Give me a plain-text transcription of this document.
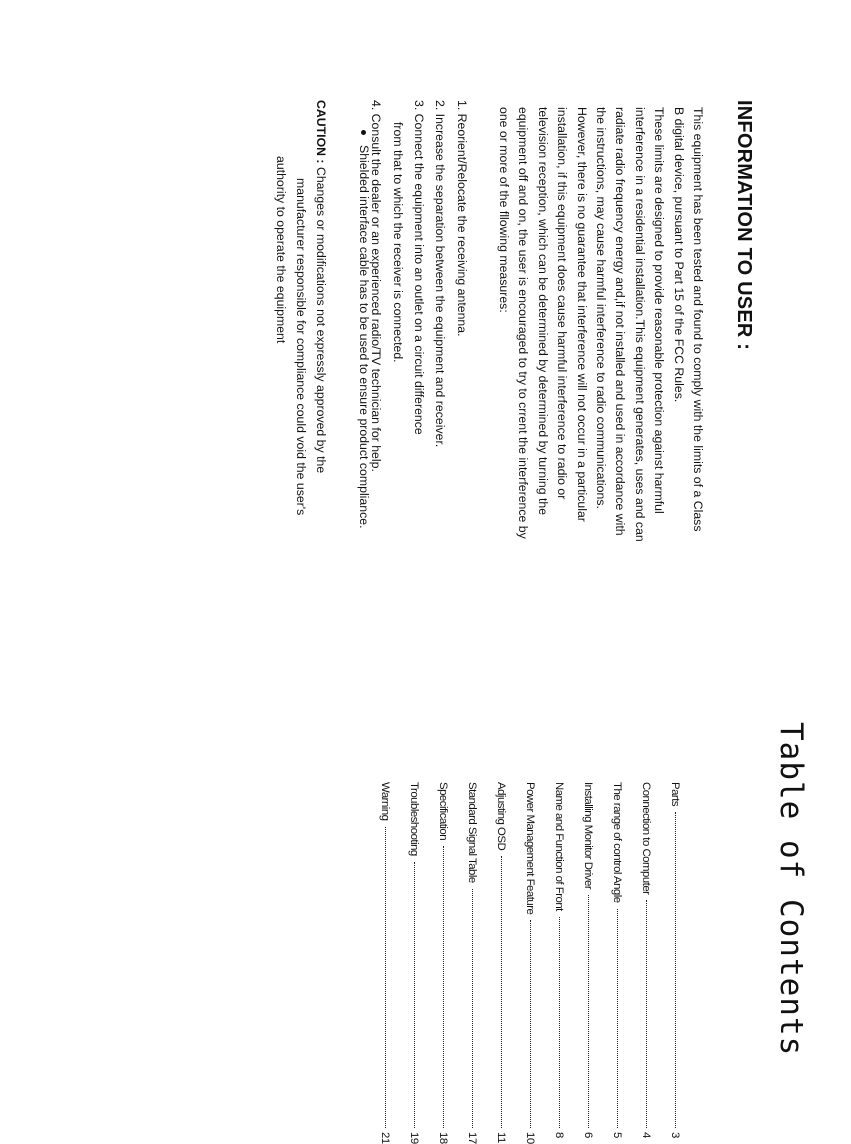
INFORMATION TO USER :
This equipment has been tested and found to comply with the limits of a Class
B digital device, pursuant to Part 15 of the FCC Rules.
These limits are designed to provide reasonable protection against harmful
interference in a residential installation.This equipment generates, uses and can
radiate radio frequency energy and,if not installed and used in accordance with
the instructions, may cause harmful interference to radio communications.
However, there is no guarantee that interference will not occur in a particular
installation, if this equipment does cause harmful interference to radio or
television reception, which can be determined by determined by turning the
equipment off and on, the user is encouraged to try to crrent the interference by
one or more of the fllowing measures:
1. Reorient/Relocate the receiving antenna.
2. Increase the separation between the equipment and receiver.
3. Connect the equipment into an outlet on a circuit difference
from that to which the receiver is connected.
4. Consult the dealer or an experienced radio/TV technician for help.
Shielded interface cable has to be used to ensure product compliance.
CAUTION : Changes or modifications not expressly approved by the
manufacturer responsible for compliance could void the user's
authority to operate the equipment
Table of Contents
Parts
3
Connection to Computer
4
The range of control Angle
5
Installing Monitor Driver
6
Name and Function of Front
8
Power Management Feature
10
Adjusting OSD
11
Standard Signal Table
17
Specification
18
Troubleshooting
19
Warning
21
